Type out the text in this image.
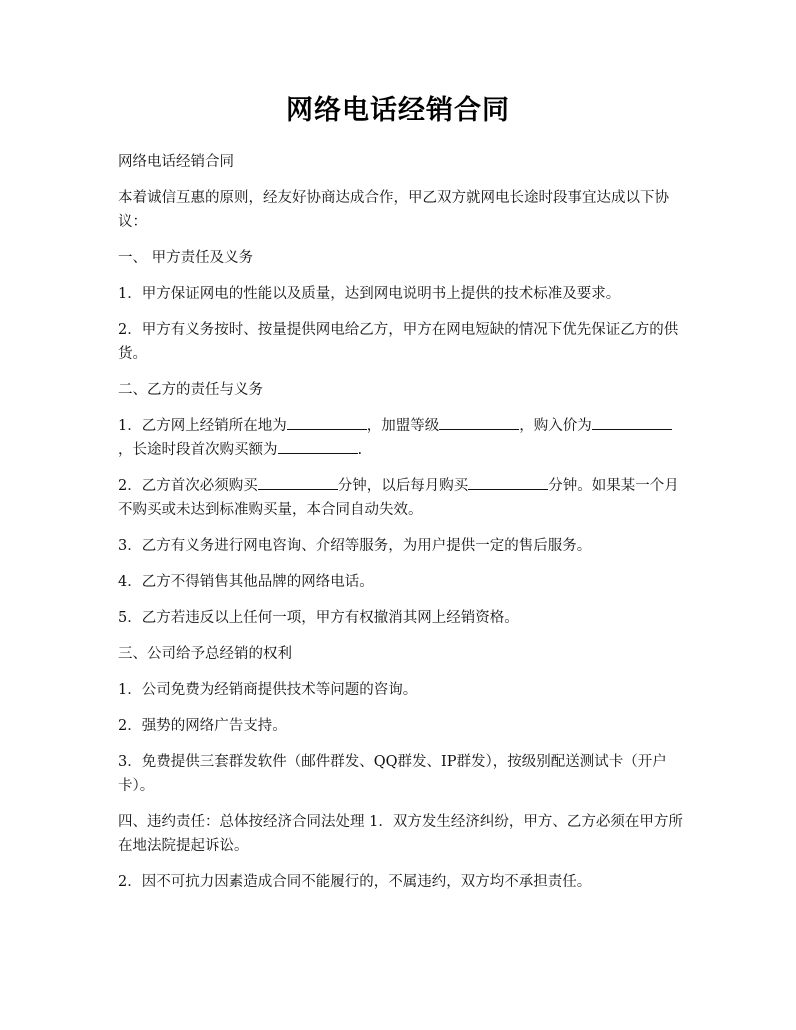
网络电话经销合同

网络电话经销合同

本着诚信互惠的原则，经友好协商达成合作，甲乙双方就网电长途时段事宜达成以下协议：

一、 甲方责任及义务

1．甲方保证网电的性能以及质量，达到网电说明书上提供的技术标准及要求。

2．甲方有义务按时、按量提供网电给乙方，甲方在网电短缺的情况下优先保证乙方的供货。

二、乙方的责任与义务

1．乙方网上经销所在地为	，加盟等级	，购入价为，长途时段首次购买额为	.

2．乙方首次必须购买	分钟，以后每月购买	分钟。如果某一个月不购买或未达到标准购买量，本合同自动失效。

3．乙方有义务进行网电咨询、介绍等服务，为用户提供一定的售后服务。

4．乙方不得销售其他品牌的网络电话。

5．乙方若违反以上任何一项，甲方有权撤消其网上经销资格。

三、公司给予总经销的权利

1．公司免费为经销商提供技术等问题的咨询。

2．强势的网络广告支持。

3．免费提供三套群发软件（邮件群发、QQ群发、IP群发），按级别配送测试卡（开户卡）。

四、违约责任：总体按经济合同法处理 1．双方发生经济纠纷，甲方、乙方必须在甲方所在地法院提起诉讼。

2．因不可抗力因素造成合同不能履行的，不属违约，双方均不承担责任。
